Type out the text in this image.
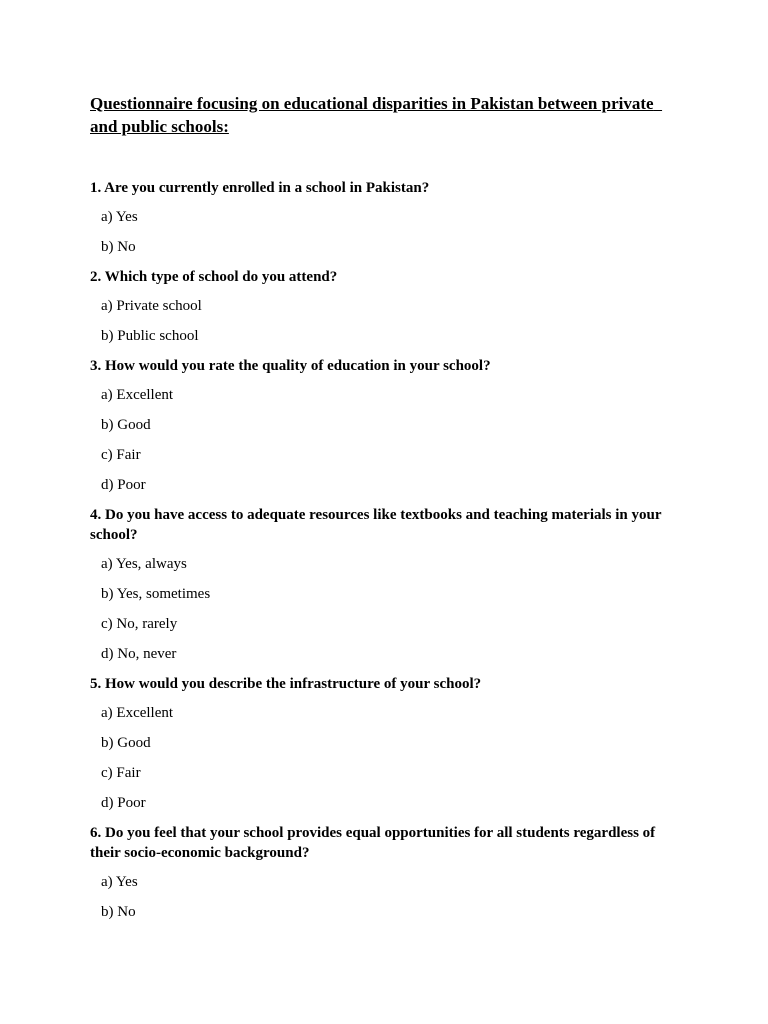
Questionnaire focusing on educational disparities in Pakistan between private  and public schools:

1. Are you currently enrolled in a school in Pakistan?

a) Yes

b) No

2. Which type of school do you attend?

a) Private school

b) Public school

3. How would you rate the quality of education in your school?

a) Excellent

b) Good

c) Fair

d) Poor

4. Do you have access to adequate resources like textbooks and teaching materials in your school?

a) Yes, always

b) Yes, sometimes

c) No, rarely

d) No, never

5. How would you describe the infrastructure of your school?

a) Excellent

b) Good

c) Fair

d) Poor

6. Do you feel that your school provides equal opportunities for all students regardless of their socio-economic background?

a) Yes

b) No
